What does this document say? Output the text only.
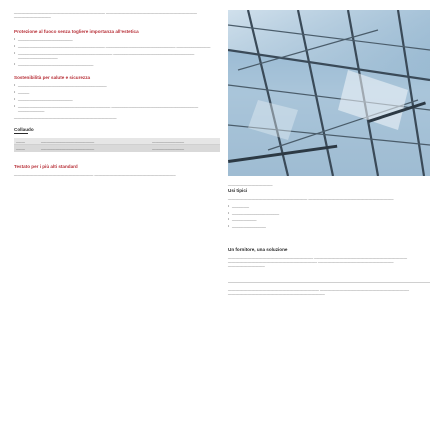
_______________________________________________ _______________________________________________ ___________________
Protezione al fuoco senza togliere importanza all'estetica
• _____________________________
• ______________________________________________ _____________________________________ __________________
• __________________________________________________ ___________________________________________ _____________________
• ________________________________________
Sostenibilità per salute e sicurezza
• _______________________________________________
• ______
• _____________________________
• _________________________________________________ ______________________________________________ ______________
_____________________________________________________
Collaudo
_____	______________________________	__________________
_____	______________________________	__________________
Testato per i più alti standard
_________________________________________ __________________________________________
_______________________
Usi tipici
_________________________________________ ____________________________________________
• _________
• _________________________
• _____________
• __________________
Un fornitore, una soluzione
____________________________________________ ________________________________________________ ______________________________________________ _______________________________________ ___________________
_______________________________________________ ______________________________________________ __________________________________________________
